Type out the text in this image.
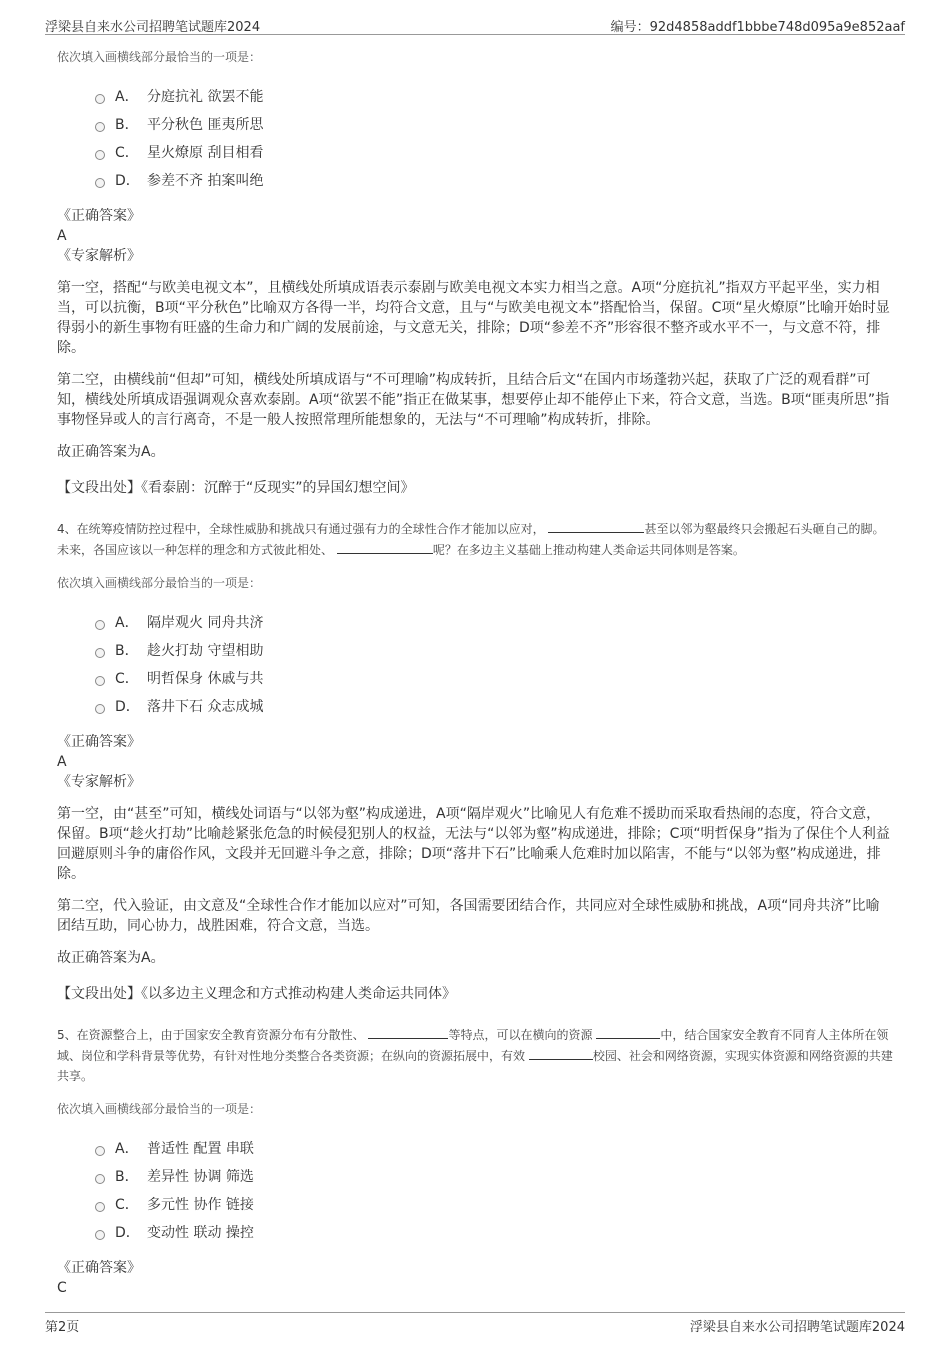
浮梁县自来水公司招聘笔试题库2024	编号：92d4858addf1bbbe748d095a9e852aaf

依次填入画横线部分最恰当的一项是：

A． 分庭抗礼 欲罢不能
B． 平分秋色 匪夷所思
C． 星火燎原 刮目相看
D． 参差不齐 拍案叫绝

《正确答案》

A

《专家解析》

第一空，搭配“与欧美电视文本”，且横线处所填成语表示泰剧与欧美电视文本实力相当之意。A项“分庭抗礼”指双方平起平坐，实力相当，可以抗衡，B项“平分秋色”比喻双方各得一半，均符合文意，且与“与欧美电视文本”搭配恰当，保留。C项“星火燎原”比喻开始时显得弱小的新生事物有旺盛的生命力和广阔的发展前途，与文意无关，排除；D项“参差不齐”形容很不整齐或水平不一，与文意不符，排除。

第二空，由横线前“但却”可知，横线处所填成语与“不可理喻”构成转折，且结合后文“在国内市场蓬勃兴起，获取了广泛的观看群”可知，横线处所填成语强调观众喜欢泰剧。A项“欲罢不能”指正在做某事，想要停止却不能停止下来，符合文意，当选。B项“匪夷所思”指事物怪异或人的言行离奇，不是一般人按照常理所能想象的，无法与“不可理喻”构成转折，排除。

故正确答案为A。

【文段出处】《看泰剧：沉醉于“反现实”的异国幻想空间》

4、在统筹疫情防控过程中，全球性威胁和挑战只有通过强有力的全球性合作才能加以应对，	甚至以邻为壑最终只会搬起石头砸自己的脚。未来，各国应该以一种怎样的理念和方式彼此相处、	呢？在多边主义基础上推动构建人类命运共同体则是答案。

依次填入画横线部分最恰当的一项是：

A． 隔岸观火 同舟共济
B． 趁火打劫 守望相助
C． 明哲保身 休戚与共
D． 落井下石 众志成城

《正确答案》

A

《专家解析》

第一空，由“甚至”可知，横线处词语与“以邻为壑”构成递进，A项“隔岸观火”比喻见人有危难不援助而采取看热闹的态度，符合文意，保留。B项“趁火打劫”比喻趁紧张危急的时候侵犯别人的权益，无法与“以邻为壑”构成递进，排除；C项“明哲保身”指为了保住个人利益回避原则斗争的庸俗作风，文段并无回避斗争之意，排除；D项“落井下石”比喻乘人危难时加以陷害，不能与“以邻为壑”构成递进，排除。

第二空，代入验证，由文意及“全球性合作才能加以应对”可知，各国需要团结合作，共同应对全球性威胁和挑战，A项“同舟共济”比喻团结互助，同心协力，战胜困难，符合文意，当选。

故正确答案为A。

【文段出处】《以多边主义理念和方式推动构建人类命运共同体》

5、在资源整合上，由于国家安全教育资源分布有分散性、	等特点，可以在横向的资源	中，结合国家安全教育不同育人主体所在领域、岗位和学科背景等优势，有针对性地分类整合各类资源；在纵向的资源拓展中，有效	校园、社会和网络资源，实现实体资源和网络资源的共建共享。

依次填入画横线部分最恰当的一项是：

A． 普适性 配置 串联
B． 差异性 协调 筛选
C． 多元性 协作 链接
D． 变动性 联动 操控

《正确答案》

C

第2页	浮梁县自来水公司招聘笔试题库2024
